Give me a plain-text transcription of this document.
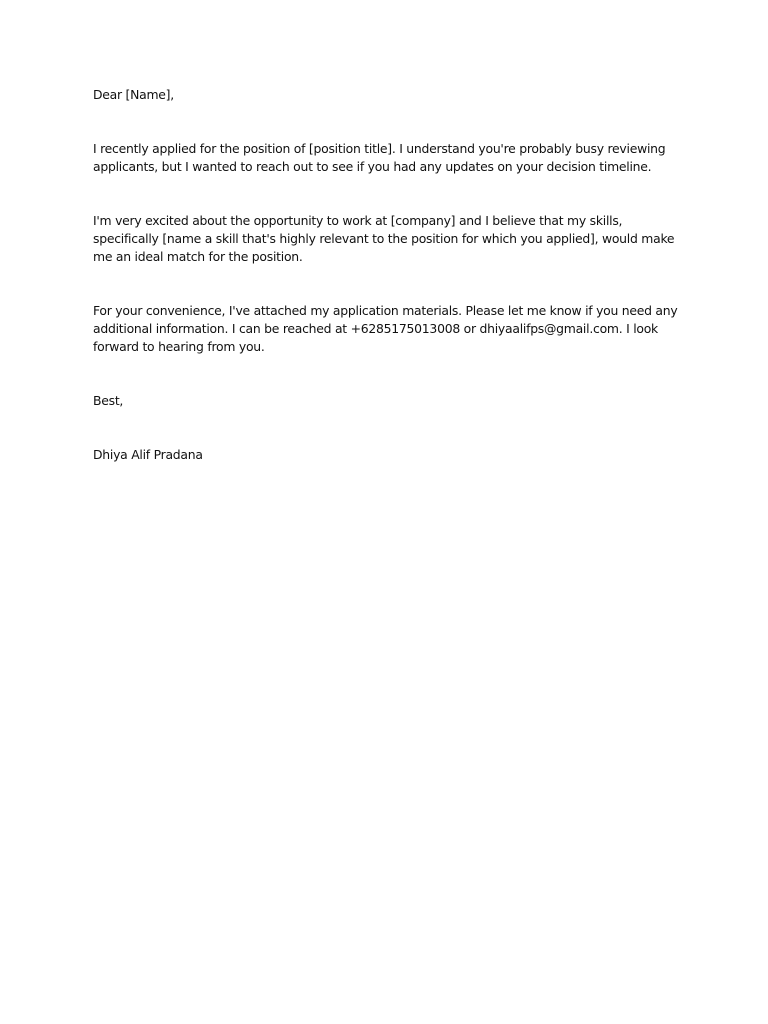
Dear [Name],

I recently applied for the position of [position title]. I understand you're probably busy reviewing applicants, but I wanted to reach out to see if you had any updates on your decision timeline.

I'm very excited about the opportunity to work at [company] and I believe that my skills, specifically [name a skill that's highly relevant to the position for which you applied], would make me an ideal match for the position.

For your convenience, I've attached my application materials. Please let me know if you need any additional information. I can be reached at +6285175013008 or dhiyaalifps@gmail.com. I look forward to hearing from you.

Best,

Dhiya Alif Pradana
